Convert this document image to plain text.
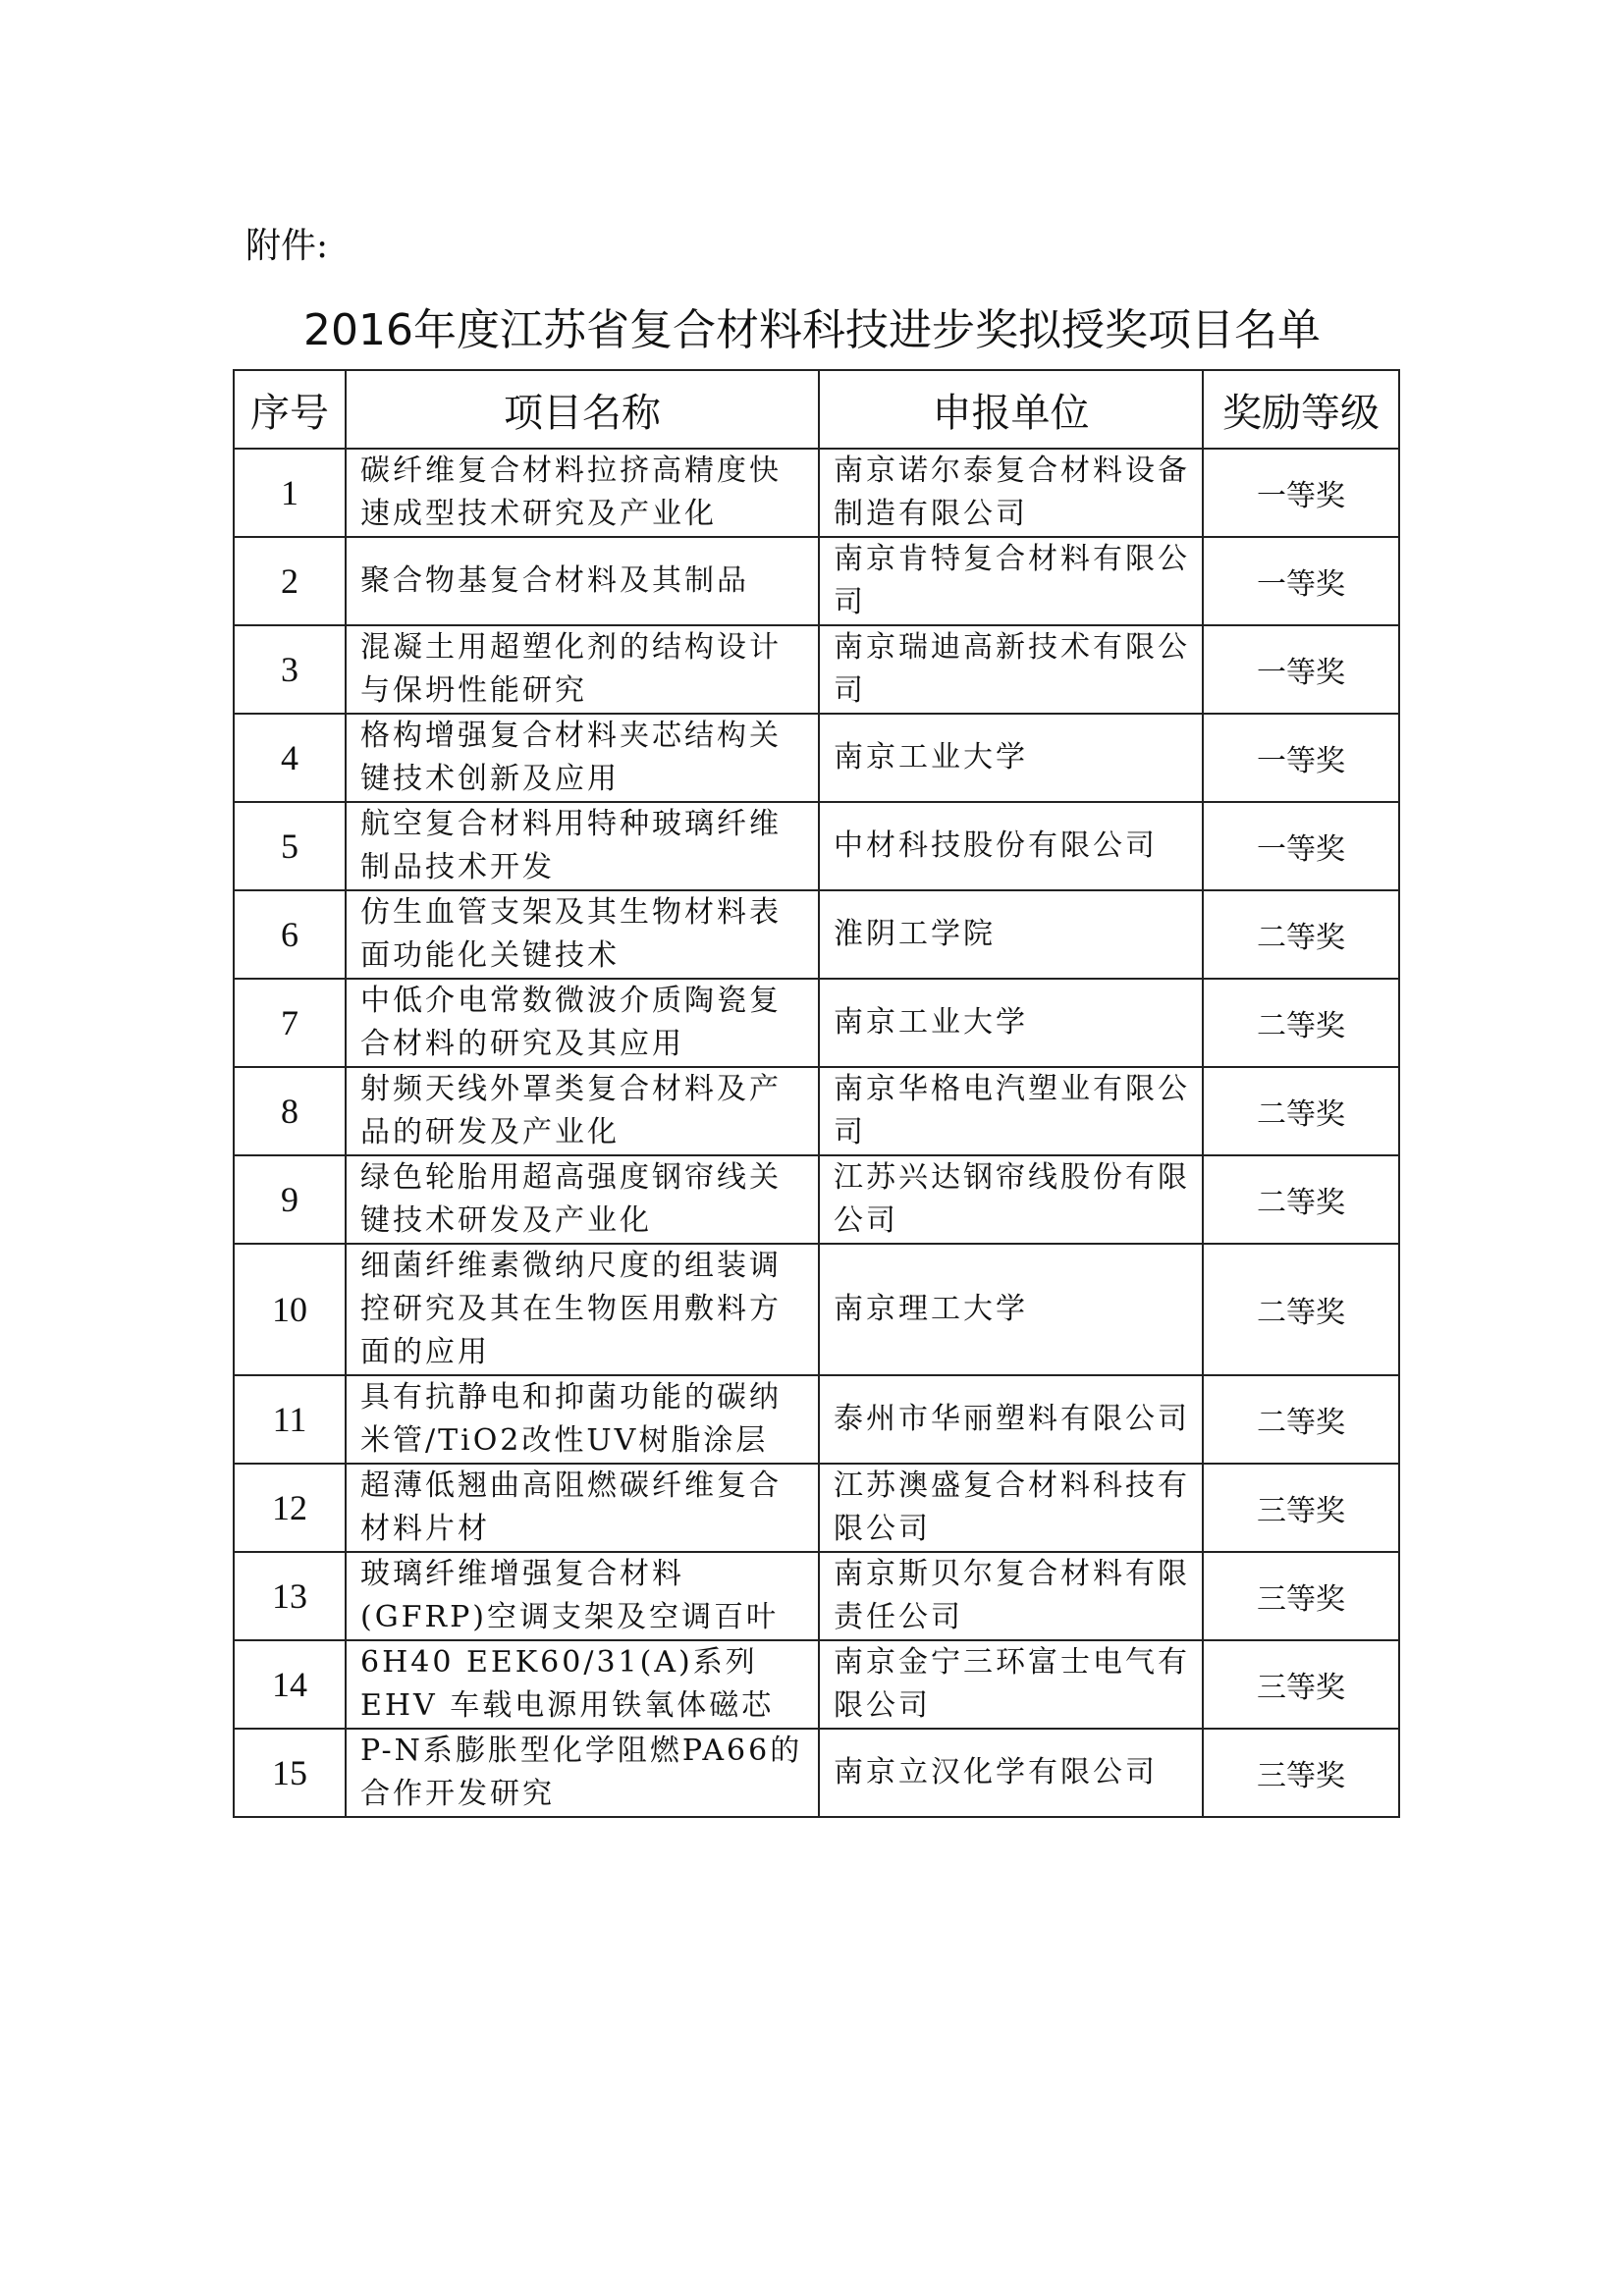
附件:
2016年度江苏省复合材料科技进步奖拟授奖项目名单
序号	项目名称	申报单位	奖励等级
1	碳纤维复合材料拉挤高精度快速成型技术研究及产业化	南京诺尔泰复合材料设备制造有限公司	一等奖
2	聚合物基复合材料及其制品	南京肯特复合材料有限公司	一等奖
3	混凝土用超塑化剂的结构设计与保坍性能研究	南京瑞迪高新技术有限公司	一等奖
4	格构增强复合材料夹芯结构关键技术创新及应用	南京工业大学	一等奖
5	航空复合材料用特种玻璃纤维制品技术开发	中材科技股份有限公司	一等奖
6	仿生血管支架及其生物材料表面功能化关键技术	淮阴工学院	二等奖
7	中低介电常数微波介质陶瓷复合材料的研究及其应用	南京工业大学	二等奖
8	射频天线外罩类复合材料及产品的研发及产业化	南京华格电汽塑业有限公司	二等奖
9	绿色轮胎用超高强度钢帘线关键技术研发及产业化	江苏兴达钢帘线股份有限公司	二等奖
10	细菌纤维素微纳尺度的组装调控研究及其在生物医用敷料方面的应用	南京理工大学	二等奖
11	具有抗静电和抑菌功能的碳纳米管/TiO2改性UV树脂涂层	泰州市华丽塑料有限公司	二等奖
12	超薄低翘曲高阻燃碳纤维复合材料片材	江苏澳盛复合材料科技有限公司	三等奖
13	玻璃纤维增强复合材料(GFRP)空调支架及空调百叶	南京斯贝尔复合材料有限责任公司	三等奖
14	6H40 EEK60/31(A)系列 EHV 车载电源用铁氧体磁芯	南京金宁三环富士电气有限公司	三等奖
15	P-N系膨胀型化学阻燃PA66的合作开发研究	南京立汉化学有限公司	三等奖
